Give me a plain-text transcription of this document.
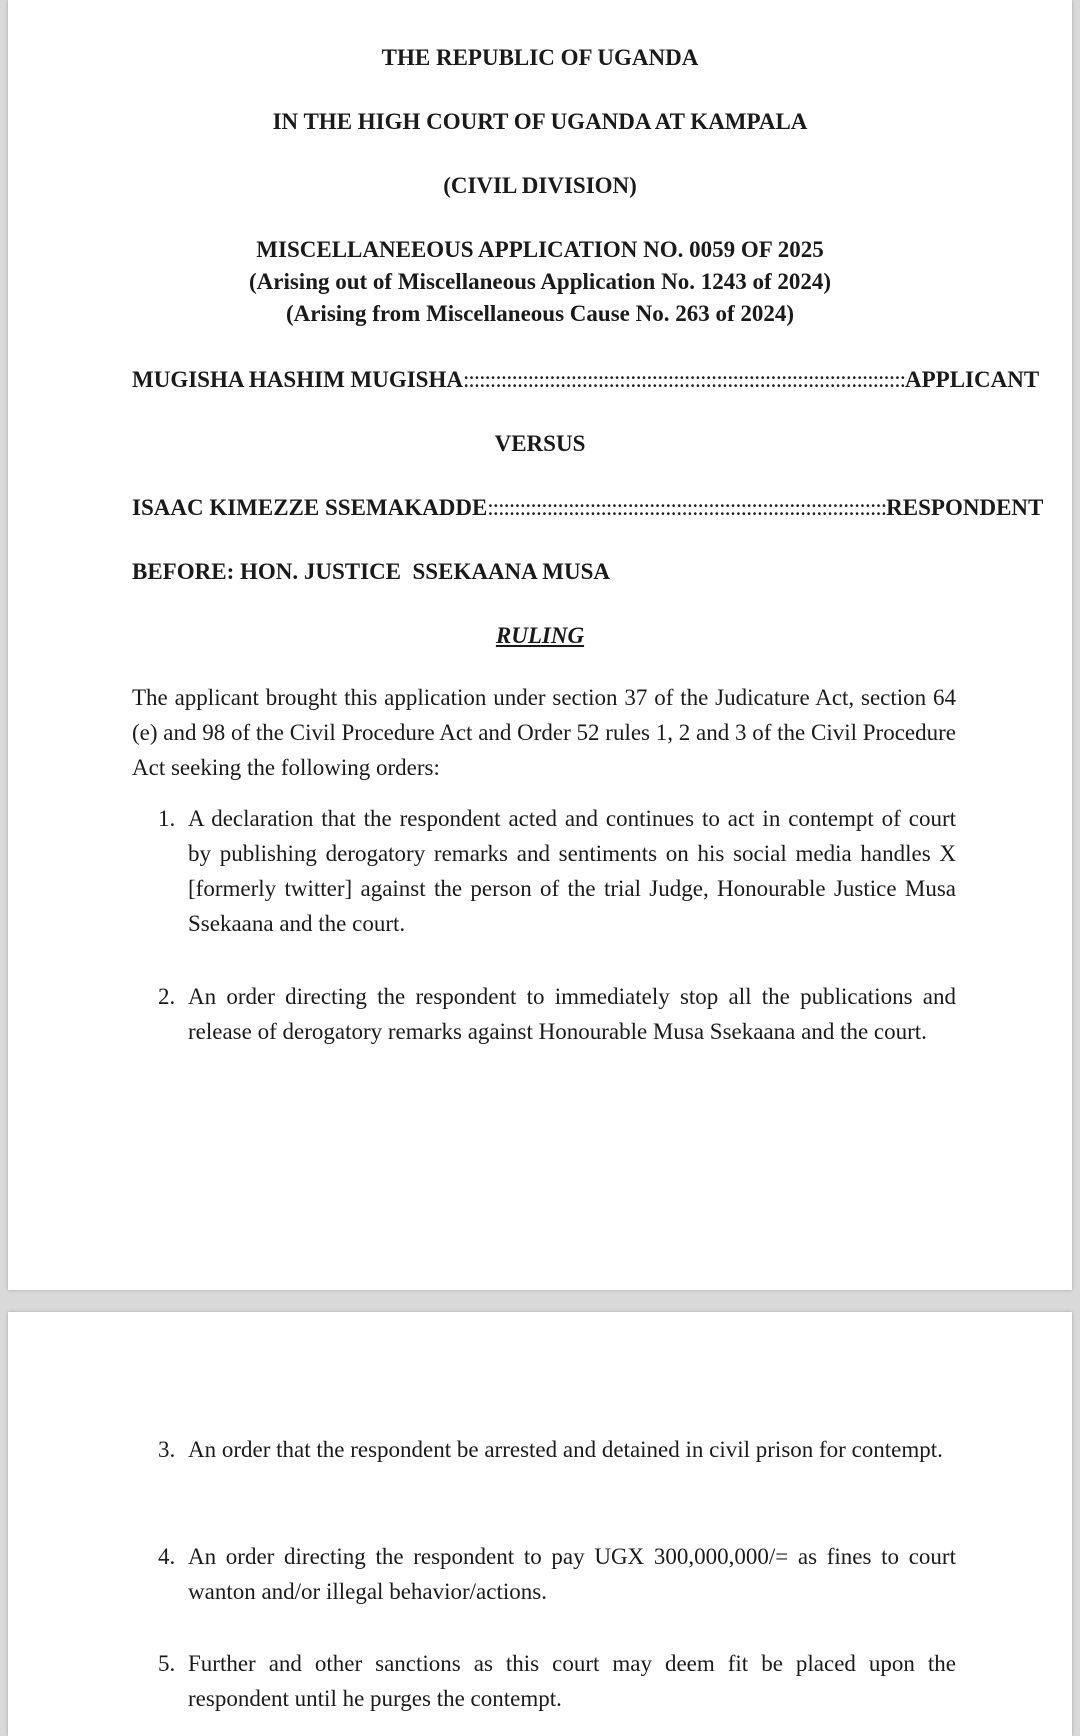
THE REPUBLIC OF UGANDA
IN THE HIGH COURT OF UGANDA AT KAMPALA
(CIVIL DIVISION)
MISCELLANEEOUS APPLICATION NO. 0059 OF 2025
(Arising out of Miscellaneous Application No. 1243 of 2024)
(Arising from Miscellaneous Cause No. 263 of 2024)
MUGISHA HASHIM MUGISHA :::::::::::::::::::::::::::::::::::::::::::::::::::::::::::::::::::::::::::::::::: APPLICANT
VERSUS
ISAAC KIMEZZE SSEMAKADDE :::::::::::::::::::::::::::::::::::::::::::::::::::::::::::::::::::::::::: RESPONDENT
BEFORE: HON. JUSTICE  SSEKAANA MUSA
RULING
The applicant brought this application under section 37 of the Judicature Act, section 64 (e) and 98 of the Civil Procedure Act and Order 52 rules 1, 2 and 3 of the Civil Procedure Act seeking the following orders:
1. A declaration that the respondent acted and continues to act in contempt of court by publishing derogatory remarks and sentiments on his social media handles X [formerly twitter] against the person of the trial Judge, Honourable Justice Musa Ssekaana and the court.
2. An order directing the respondent to immediately stop all the publications and release of derogatory remarks against Honourable Musa Ssekaana and the court.
3. An order that the respondent be arrested and detained in civil prison for contempt.
4. An order directing the respondent to pay UGX 300,000,000/= as fines to court wanton and/or illegal behavior/actions.
5. Further and other sanctions as this court may deem fit be placed upon the respondent until he purges the contempt.
